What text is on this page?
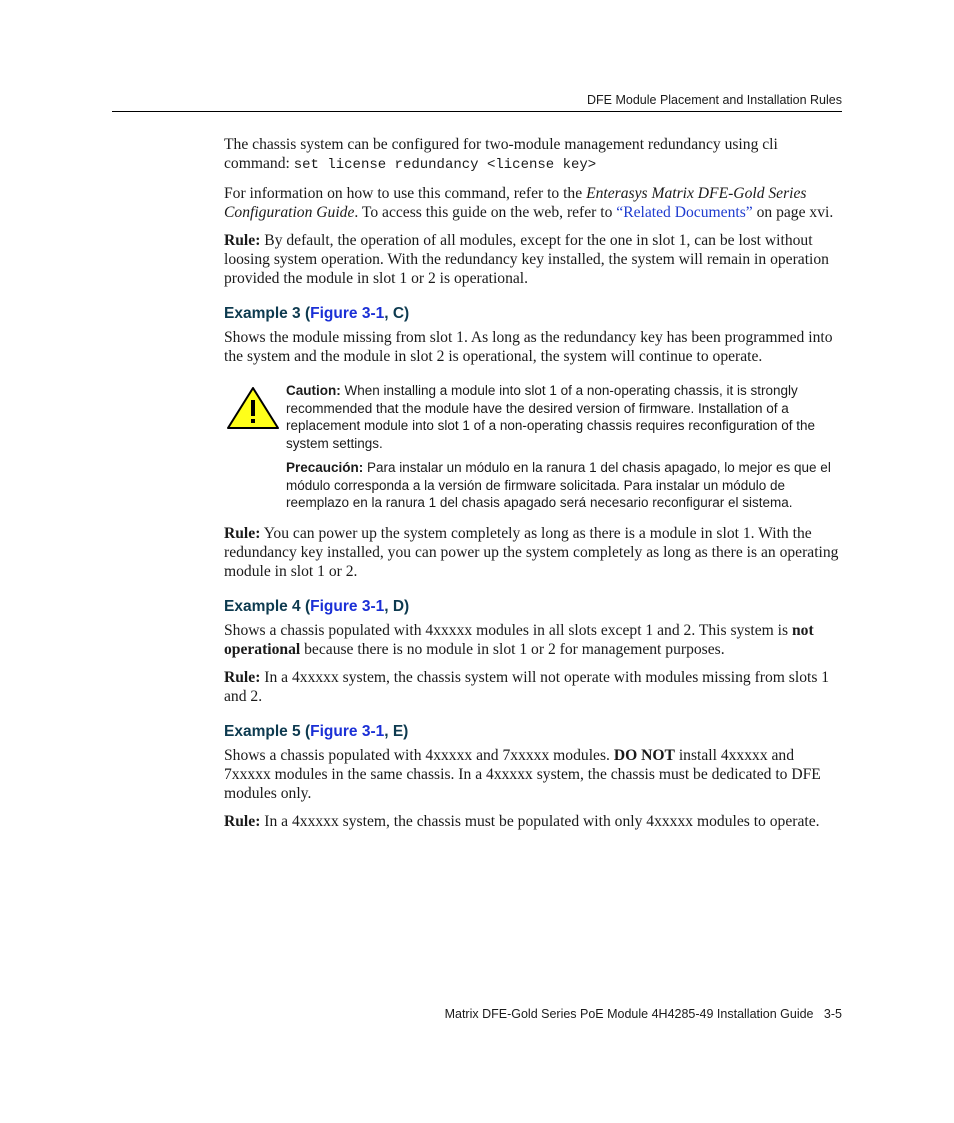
DFE Module Placement and Installation Rules

The chassis system can be configured for two-module management redundancy using cli command: set license redundancy <license key>

For information on how to use this command, refer to the Enterasys Matrix DFE-Gold Series Configuration Guide. To access this guide on the web, refer to “Related Documents” on page xvi.

Rule: By default, the operation of all modules, except for the one in slot 1, can be lost without loosing system operation. With the redundancy key installed, the system will remain in operation provided the module in slot 1 or 2 is operational.

Example 3 (Figure 3-1, C)

Shows the module missing from slot 1. As long as the redundancy key has been programmed into the system and the module in slot 2 is operational, the system will continue to operate.

Caution: When installing a module into slot 1 of a non-operating chassis, it is strongly recommended that the module have the desired version of firmware. Installation of a replacement module into slot 1 of a non-operating chassis requires reconfiguration of the system settings.

Precaución: Para instalar un módulo en la ranura 1 del chasis apagado, lo mejor es que el módulo corresponda a la versión de firmware solicitada. Para instalar un módulo de reemplazo en la ranura 1 del chasis apagado será necesario reconfigurar el sistema.

Rule: You can power up the system completely as long as there is a module in slot 1. With the redundancy key installed, you can power up the system completely as long as there is an operating module in slot 1 or 2.

Example 4 (Figure 3-1, D)

Shows a chassis populated with 4xxxxx modules in all slots except 1 and 2. This system is not operational because there is no module in slot 1 or 2 for management purposes.

Rule: In a 4xxxxx system, the chassis system will not operate with modules missing from slots 1 and 2.

Example 5 (Figure 3-1, E)

Shows a chassis populated with 4xxxxx and 7xxxxx modules. DO NOT install 4xxxxx and 7xxxxx modules in the same chassis. In a 4xxxxx system, the chassis must be dedicated to DFE modules only.

Rule: In a 4xxxxx system, the chassis must be populated with only 4xxxxx modules to operate.

Matrix DFE-Gold Series PoE Module 4H4285-49 Installation Guide   3-5
